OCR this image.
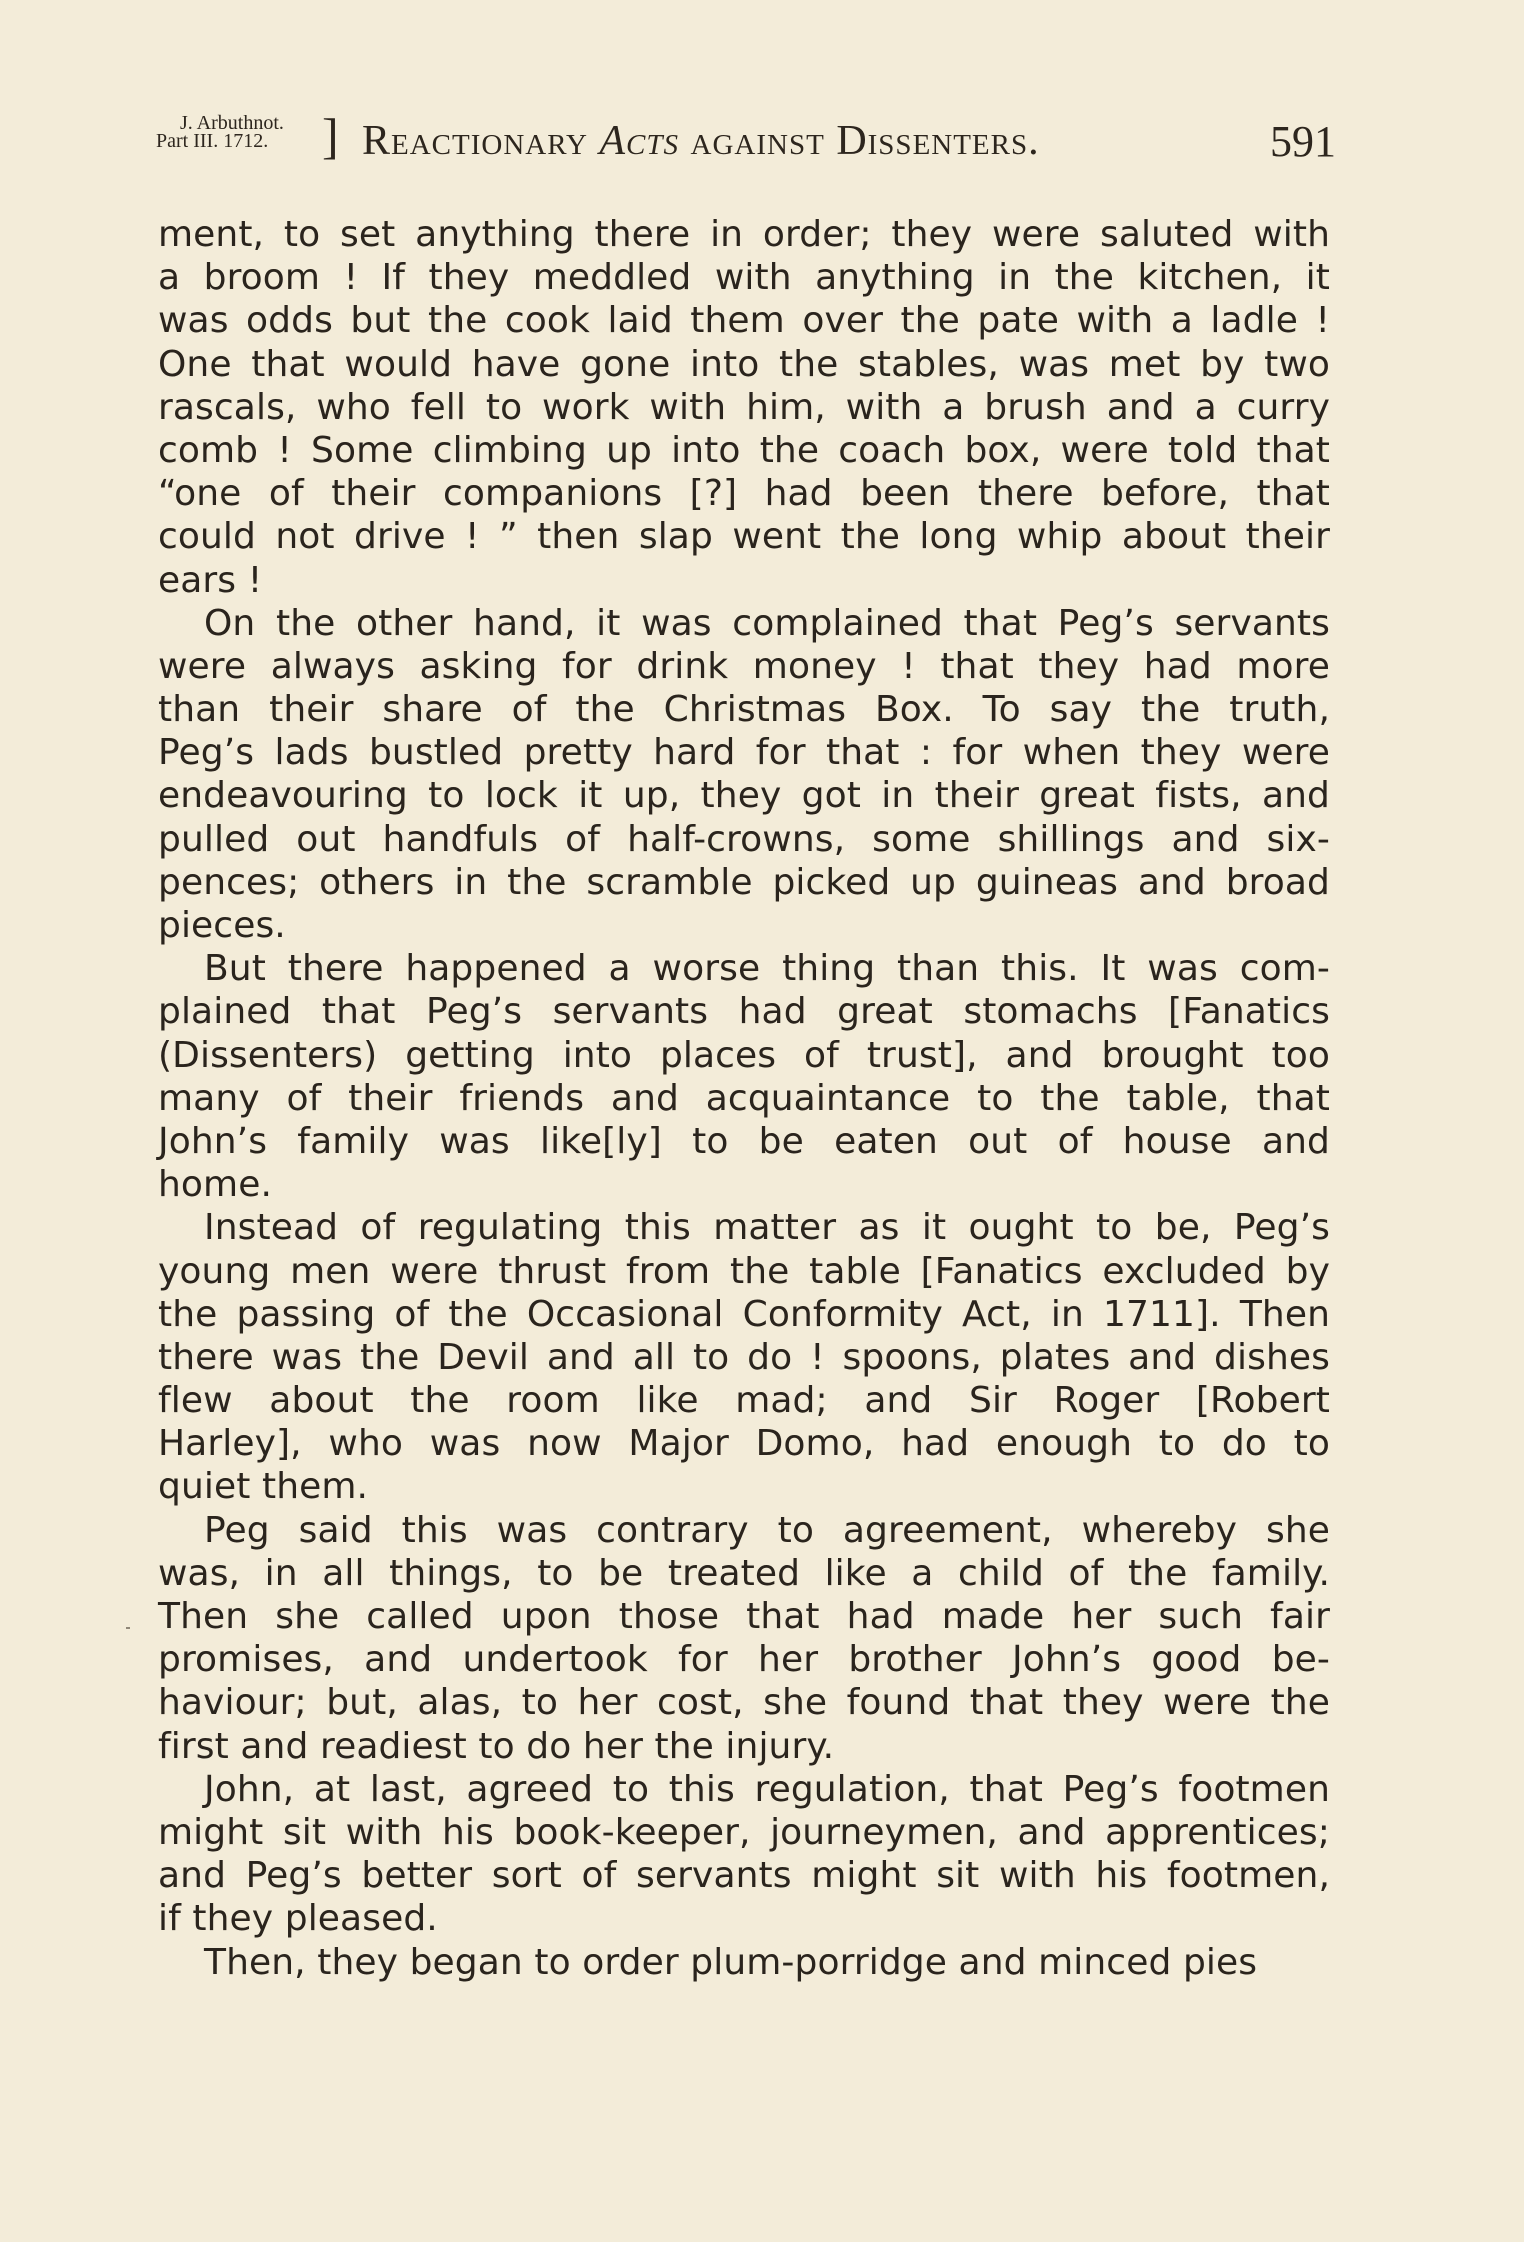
J. Arbuthnot.
Part III. 1712.	] Reactionary Acts against Dissenters.	591

ment, to set anything there in order; they were saluted with

a broom ! If they meddled with anything in the kitchen, it

was odds but the cook laid them over the pate with a ladle !

One that would have gone into the stables, was met by two

rascals, who fell to work with him, with a brush and a curry

comb ! Some climbing up into the coach box, were told that

“one of their companions [?] had been there before, that

could not drive ! ” then slap went the long whip about their

ears !

On the other hand, it was complained that Peg’s servants

were always asking for drink money ! that they had more

than their share of the Christmas Box. To say the truth,

Peg’s lads bustled pretty hard for that : for when they were

endeavouring to lock it up, they got in their great fists, and

pulled out handfuls of half-crowns, some shillings and six-

pences; others in the scramble picked up guineas and broad

pieces.

But there happened a worse thing than this. It was com-

plained that Peg’s servants had great stomachs [Fanatics

(Dissenters) getting into places of trust], and brought too

many of their friends and acquaintance to the table, that

John’s family was like[ly] to be eaten out of house and

home.

Instead of regulating this matter as it ought to be, Peg’s

young men were thrust from the table [Fanatics excluded by

the passing of the Occasional Conformity Act, in 1711]. Then

there was the Devil and all to do ! spoons, plates and dishes

flew about the room like mad; and Sir Roger [Robert

Harley], who was now Major Domo, had enough to do to

quiet them.

Peg said this was contrary to agreement, whereby she

was, in all things, to be treated like a child of the family.

Then she called upon those that had made her such fair

promises, and undertook for her brother John’s good be-

haviour; but, alas, to her cost, she found that they were the

first and readiest to do her the injury.

John, at last, agreed to this regulation, that Peg’s footmen

might sit with his book-keeper, journeymen, and apprentices;

and Peg’s better sort of servants might sit with his footmen,

if they pleased.

Then, they began to order plum-porridge and minced pies
